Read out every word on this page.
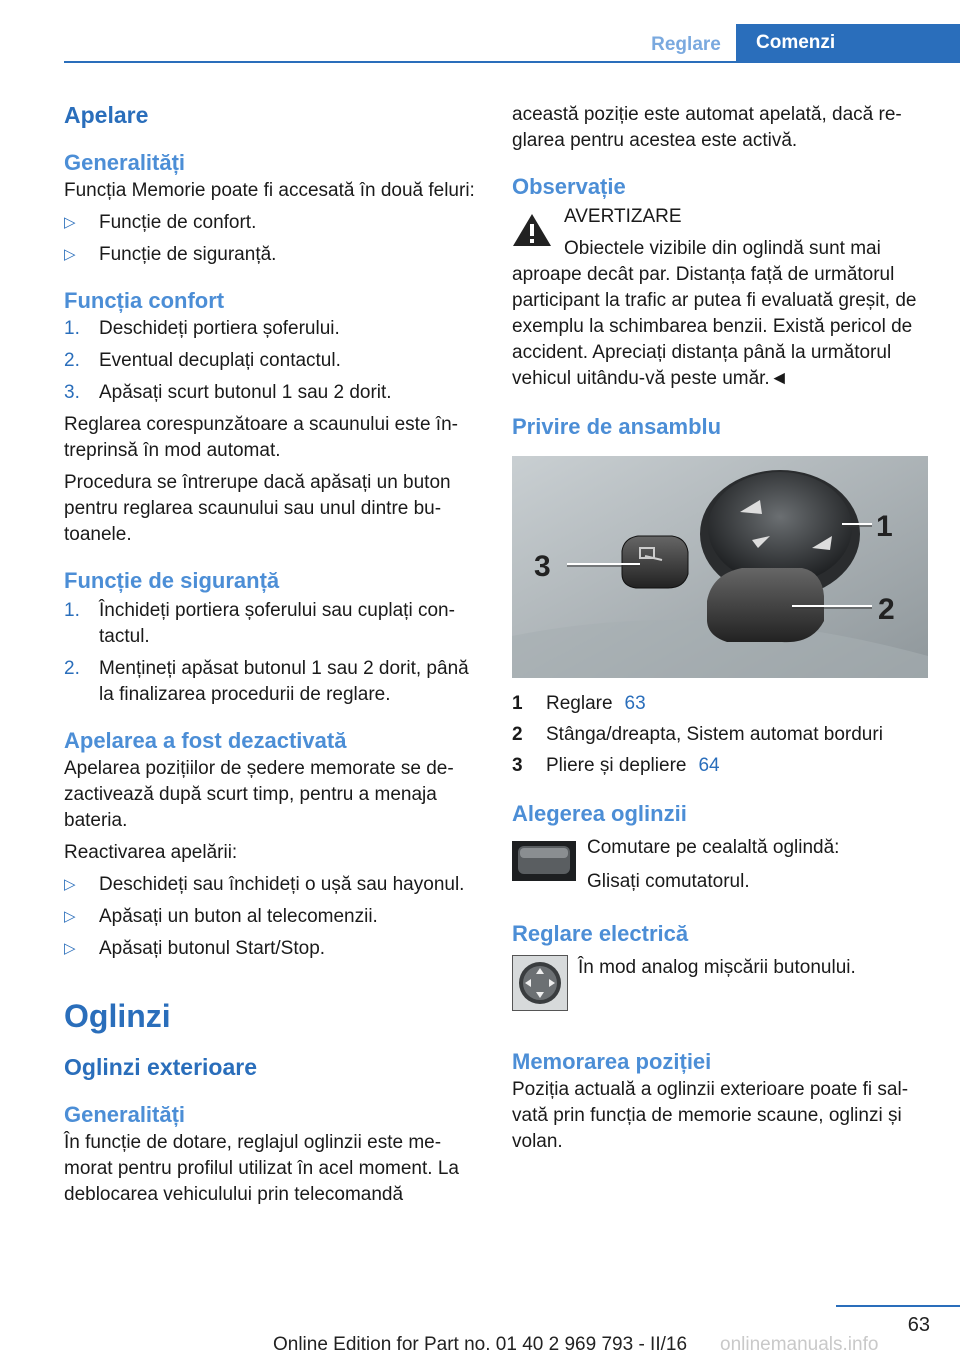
Reglare	Comenzi
Apelare
Generalități

Funcția Memorie poate fi accesată în două feluri:

▷ Funcție de confort.
▷ Funcție de siguranță.
Funcția confort
1. Deschideți portiera șoferului.
2. Eventual decuplați contactul.
3. Apăsați scurt butonul 1 sau 2 dorit.

Reglarea corespunzătoare a scaunului este întreprinsă în mod automat.

Procedura se întrerupe dacă apăsați un buton pentru reglarea scaunului sau unul dintre butoanele.

Funcție de siguranță
1. Închideți portiera șoferului sau cuplați contactul.
2. Mențineți apăsat butonul 1 sau 2 dorit, până la finalizarea procedurii de reglare.
Apelarea a fost dezactivată

Apelarea pozițiilor de ședere memorate se dezactivează după scurt timp, pentru a menaja bateria.

Reactivarea apelării:

▷ Deschideți sau închideți o ușă sau hayonul.
▷ Apăsați un buton al telecomenzii.
▷ Apăsați butonul Start/Stop.
Oglinzi
Oglinzi exterioare
Generalități

În funcție de dotare, reglajul oglinzii este memorat pentru profilul utilizat în acel moment. La deblocarea vehiculului prin telecomandă

această poziție este automat apelată, dacă reglarea pentru acestea este activă.

Observație
AVERTIZARE
Obiectele vizibile din oglindă sunt mai
aproape decât par. Distanța față de următorul participant la trafic ar putea fi evaluată greșit, de exemplu la schimbarea benzii. Există pericol de accident. Apreciați distanța până la următorul vehicul uitându-vă peste umăr.◄
Privire de ansamblu
1
2
3
1 Reglare 63
2 Stânga/dreapta, Sistem automat borduri
3 Pliere și depliere 64
Alegerea oglinzii
Comutare pe cealaltă oglindă:
Glisați comutatorul.
Reglare electrică
În mod analog mișcării butonului.
Memorarea poziției

Poziția actuală a oglinzii exterioare poate fi salvată prin funcția de memorie scaune, oglinzi și volan.

63
Online Edition for Part no. 01 40 2 969 793 - II/16	onlinemanuals.info
